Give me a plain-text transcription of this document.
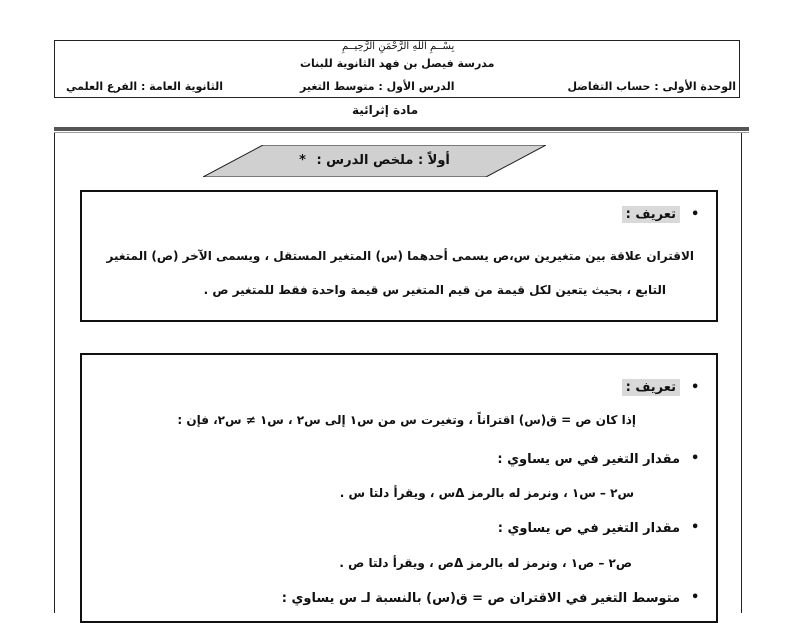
بِسْــمِ اللهِ الرَّحْمَنِ الرَّحِيــمِ
مدرسة فيصل بن فهد الثانوية للبنات
الوحدة الأولى : حساب التفاضل
الدرس الأول : متوسط التغير
الثانوية العامة : الفرع العلمي
مادة إثرائية
أولاً : ملخص الدرس : *
•
تعريف :
الاقتران علاقة بين متغيرين س،ص يسمى أحدهما (س) المتغير المستقل ، ويسمى الآخر (ص) المتغير
التابع ، بحيث يتعين لكل قيمة من قيم المتغير س قيمة واحدة فقط للمتغير ص .
•
تعريف :
إذا كان ص = ق(س) اقتراناً ، وتغيرت س من س١ إلى س٢ ، س١ ≠ س٢، فإن :
•
مقدار التغير في س يساوي :
س٢ – س١ ، ونرمز له بالرمز Δس ، ويقرأ دلتا س .
•
مقدار التغير في ص يساوي :
ص٢ – ص١ ، ونرمز له بالرمز Δص ، ويقرأ دلتا ص .
•
متوسط التغير في الاقتران ص = ق(س) بالنسبة لـ س يساوي :
